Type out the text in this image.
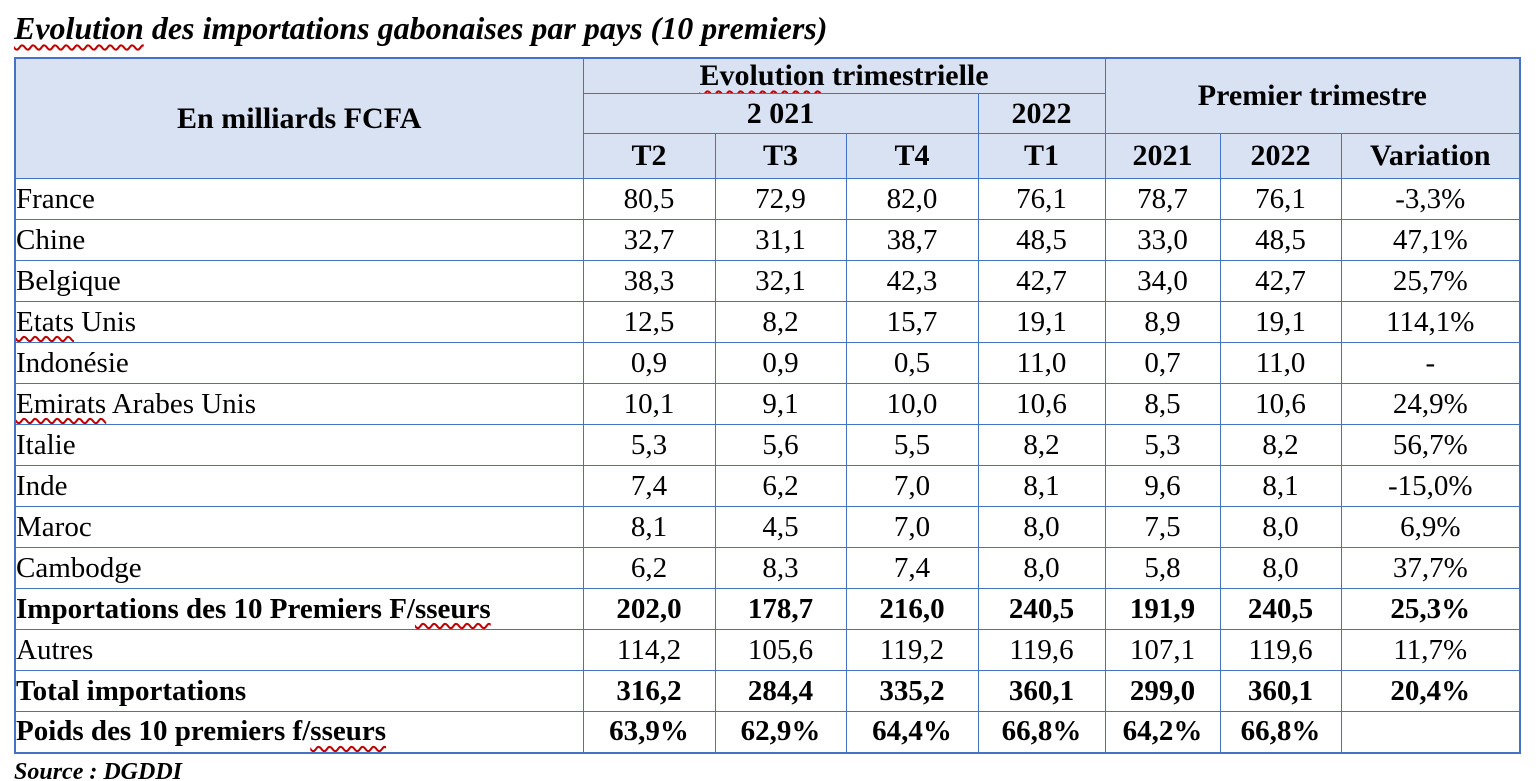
Evolution des importations gabonaises par pays (10 premiers)
En milliards FCFA	Evolution trimestrielle				Premier trimestre		
	2 021			2022			
	T2	T3	T4	T1	2021	2022	Variation
France	80,5	72,9	82,0	76,1	78,7	76,1	-3,3%
Chine	32,7	31,1	38,7	48,5	33,0	48,5	47,1%
Belgique	38,3	32,1	42,3	42,7	34,0	42,7	25,7%
Etats Unis	12,5	8,2	15,7	19,1	8,9	19,1	114,1%
Indonésie	0,9	0,9	0,5	11,0	0,7	11,0	-
Emirats Arabes Unis	10,1	9,1	10,0	10,6	8,5	10,6	24,9%
Italie	5,3	5,6	5,5	8,2	5,3	8,2	56,7%
Inde	7,4	6,2	7,0	8,1	9,6	8,1	-15,0%
Maroc	8,1	4,5	7,0	8,0	7,5	8,0	6,9%
Cambodge	6,2	8,3	7,4	8,0	5,8	8,0	37,7%
Importations des 10 Premiers F/sseurs	202,0	178,7	216,0	240,5	191,9	240,5	25,3%
Autres	114,2	105,6	119,2	119,6	107,1	119,6	11,7%
Total importations	316,2	284,4	335,2	360,1	299,0	360,1	20,4%
Poids des 10 premiers f/sseurs	63,9%	62,9%	64,4%	66,8%	64,2%	66,8%	

Source : DGDDI
